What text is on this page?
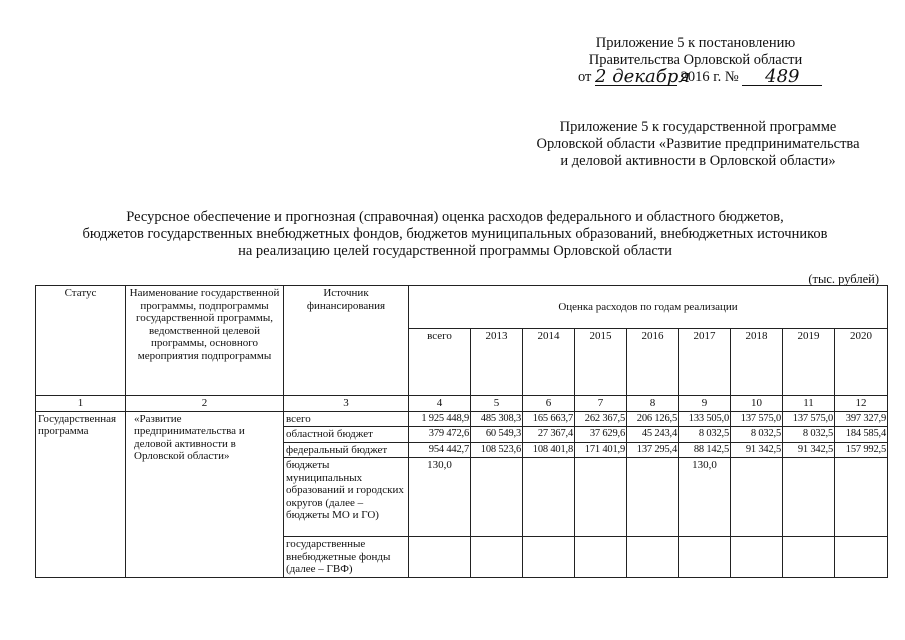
Приложение 5 к постановлению
Правительства Орловской области
от 2 декабря 2016 г. № 489
Приложение 5 к государственной программе
Орловской области «Развитие предпринимательства
и деловой активности в Орловской области»
Ресурсное обеспечение и прогнозная (справочная) оценка расходов федерального и областного бюджетов,
бюджетов государственных внебюджетных фондов, бюджетов муниципальных образований, внебюджетных источников
на реализацию целей государственной программы Орловской области
(тыс. рублей)
Статус	Наименование государственной программы, подпрограммы государственной программы, ведомственной целевой программы, основного мероприятия подпрограммы	Источник финансирования	Оценка расходов по годам реализации								
			всего	2013	2014	2015	2016	2017	2018	2019	2020
1	2	3	4	5	6	7	8	9	10	11	12
Государственная программа	«Развитие предпринимательства и деловой активности в Орловской области»	всего	1 925 448,9	485 308,3	165 663,7	262 367,5	206 126,5	133 505,0	137 575,0	137 575,0	397 327,9
		областной бюджет	379 472,6	60 549,3	27 367,4	37 629,6	45 243,4	8 032,5	8 032,5	8 032,5	184 585,4
		федеральный бюджет	954 442,7	108 523,6	108 401,8	171 401,9	137 295,4	88 142,5	91 342,5	91 342,5	157 992,5
		бюджеты муниципальных образований и городских округов (далее – бюджеты МО и ГО)	130,0					130,0			
		государственные внебюджетные фонды (далее – ГВФ)									
